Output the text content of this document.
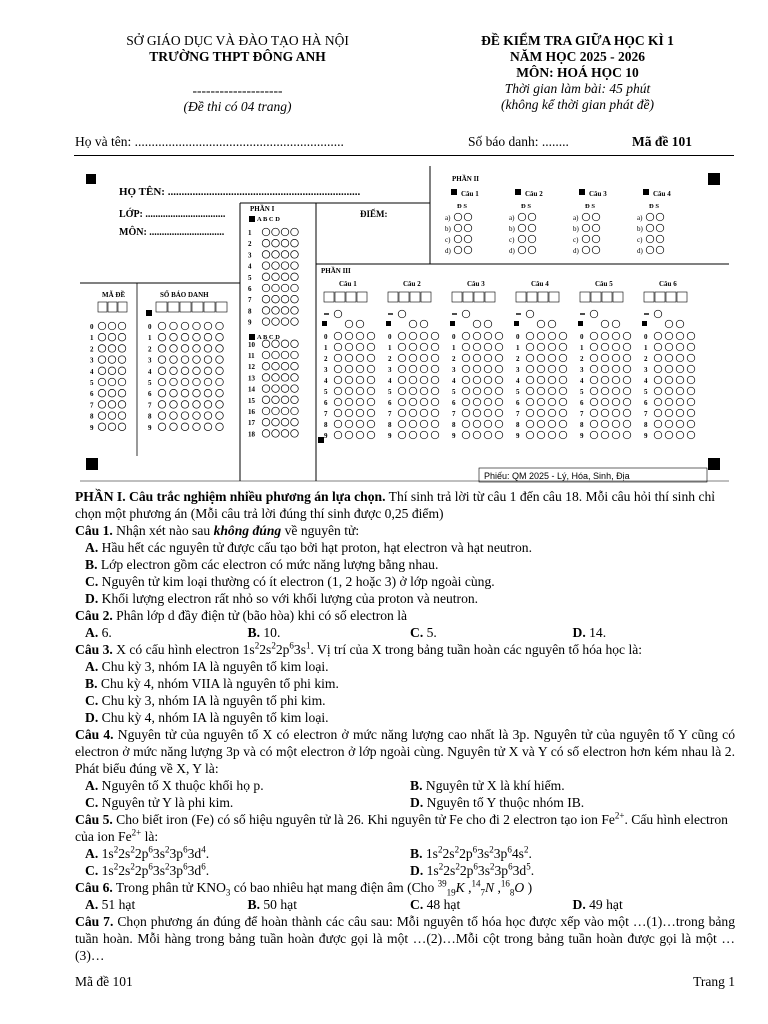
SỞ GIÁO DỤC VÀ ĐÀO TẠO HÀ NỘI
TRƯỜNG THPT ĐÔNG ANH
--------------------
(Đề thi có 04 trang)
ĐỀ KIỂM TRA GIỮA HỌC KÌ 1
NĂM HỌC 2025 - 2026
MÔN: HOÁ HỌC 10
Thời gian làm bài: 45 phút
(không kể thời gian phát đề)
Họ và tên: ..............................................................	Số báo danh: ........	Mã đề 101
HỌ TÊN: ......................................................................
LỚP: ................................
MÔN: ..............................
ĐIỂM:
PHẦN I
PHẦN II
PHẦN III
MÃ ĐỀ	SỐ BÁO DANH
Phiếu: QM 2025 - Lý, Hóa, Sinh, Địa
A B C D
1
2
3
4
5
6
7
8
9
10
11
12
13
14
15
16
17
18
A B C D
0	0
1	1
2	2
3	3
4	4
5	5
6	6
7	7
8	8
9	9
Câu 1
Đ S
a)
b)
c)
d)
Câu 2
Đ S
a)
b)
c)
d)
Câu 3
Đ S
a)
b)
c)
d)
Câu 4
Đ S
a)
b)
c)
d)
Câu 1
0
1
2
3
4
5
6
7
8
9
Câu 2
0
1
2
3
4
5
6
7
8
9
Câu 3
0
1
2
3
4
5
6
7
8
9
Câu 4
0
1
2
3
4
5
6
7
8
9
Câu 5
0
1
2
3
4
5
6
7
8
9
Câu 6
0
1
2
3
4
5
6
7
8
9

PHẦN I. Câu trắc nghiệm nhiều phương án lựa chọn. Thí sinh trả lời từ câu 1 đến câu 18. Mỗi câu hỏi thí sinh chỉ chọn một phương án (Mỗi câu trả lời đúng thí sinh được 0,25 điểm)

Câu 1. Nhận xét nào sau không đúng về nguyên tử:

A. Hầu hết các nguyên tử được cấu tạo bởi hạt proton, hạt electron và hạt neutron.

B. Lớp electron gồm các electron có mức năng lượng bằng nhau.

C. Nguyên tử kim loại thường có ít electron (1, 2 hoặc 3) ở lớp ngoài cùng.

D. Khối lượng electron rất nhỏ so với khối lượng của proton và neutron.

Câu 2. Phân lớp d đầy điện tử (bão hòa) khi có số electron là

A. 6.	B. 10.	C. 5.	D. 14.

Câu 3. X có cấu hình electron $1s^22s^22p^63s^1$. Vị trí của X trong bảng tuần hoàn các nguyên tố hóa học là:

A. Chu kỳ 3, nhóm IA là nguyên tố kim loại.

B. Chu kỳ 4, nhóm VIIA là nguyên tố phi kim.

C. Chu kỳ 3, nhóm IA là nguyên tố phi kim.

D. Chu kỳ 4, nhóm IA là nguyên tố kim loại.

Câu 4. Nguyên tử của nguyên tố X có electron ở mức năng lượng cao nhất là 3p. Nguyên tử của nguyên tố Y cũng có electron ở mức năng lượng 3p và có một electron ở lớp ngoài cùng. Nguyên tử X và Y có số electron hơn kém nhau là 2. Phát biểu đúng về X, Y là:

A. Nguyên tố X thuộc khối họ p.	B. Nguyên tử X là khí hiếm.
C. Nguyên tử Y là phi kim.	D. Nguyên tố Y thuộc nhóm IB.

Câu 5. Cho biết iron (Fe) có số hiệu nguyên tử là 26. Khi nguyên tử Fe cho đi 2 electron tạo ion $Fe^{2+}$. Cấu hình electron của ion $Fe^{2+}$ là:

A. $1s^22s^22p^63s^23p^63d^4$.	B. $1s^22s^22p^63s^23p^64s^2$.
C. $1s^22s^22p^63s^23p^63d^6$.	D. $1s^22s^22p^63s^23p^63d^5$.

Câu 6. Trong phân tử $KNO_3$ có bao nhiêu hạt mang điện âm (Cho $^{39}_{19}$K ,$^{14}_7$N ,$^{16}_8$O )

A. 51 hạt	B. 50 hạt	C. 48 hạt	D. 49 hạt

Câu 7. Chọn phương án đúng để hoàn thành các câu sau: Mỗi nguyên tố hóa học được xếp vào một …(1)…trong bảng tuần hoàn. Mỗi hàng trong bảng tuần hoàn được gọi là một …(2)…Mỗi cột trong bảng tuần hoàn được gọi là một …(3)…

Mã đề 101	Trang 1
